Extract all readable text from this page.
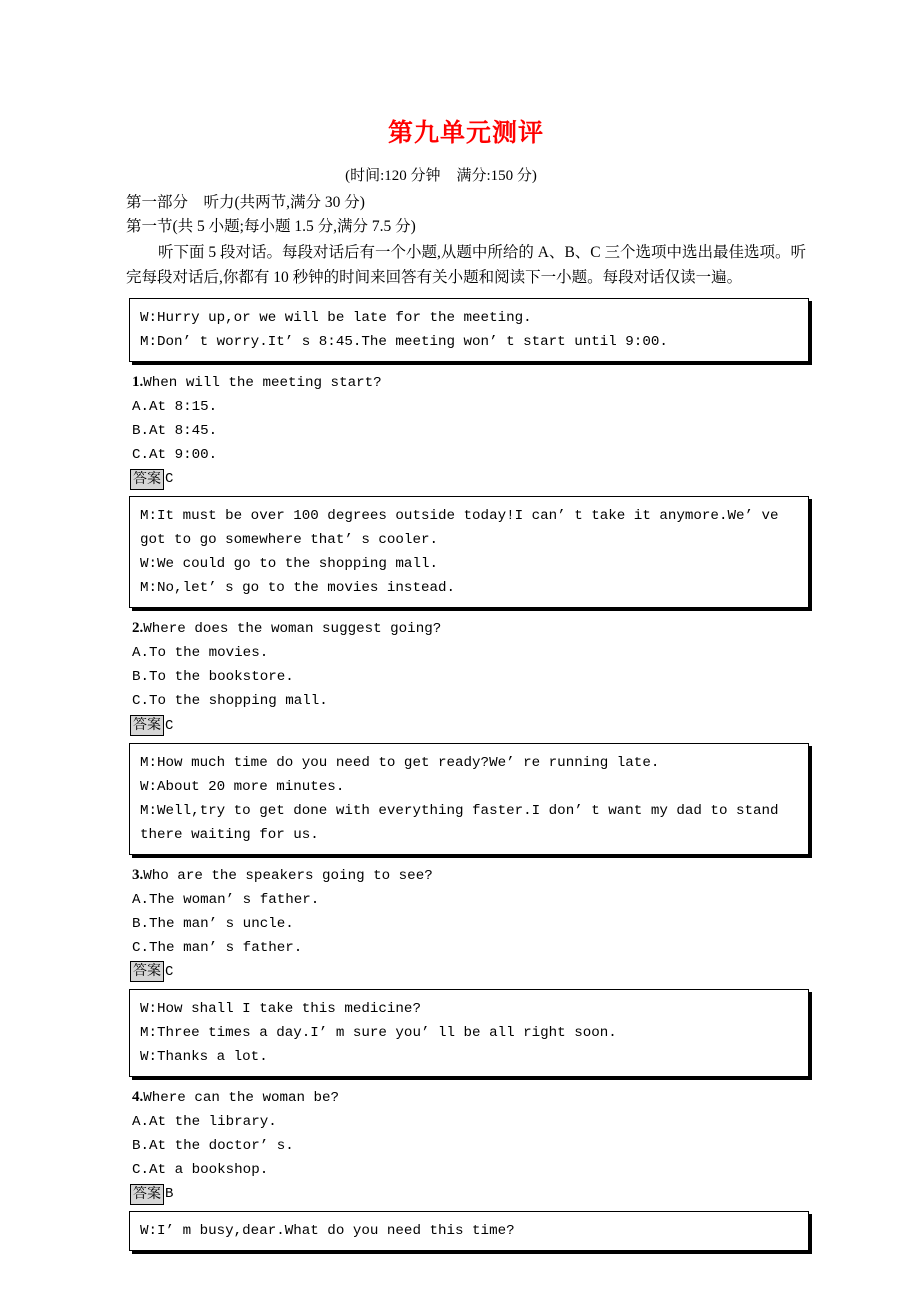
第九单元测评
(时间:120 分钟 满分:150 分)
第一部分　听力(共两节,满分 30 分)
第一节(共 5 小题;每小题 1.5 分,满分 7.5 分)

听下面 5 段对话。每段对话后有一个小题,从题中所给的 A、B、C 三个选项中选出最佳选项。听完每段对话后,你都有 10 秒钟的时间来回答有关小题和阅读下一小题。每段对话仅读一遍。

W:Hurry up,or we will be late for the meeting.
M:Don’ t worry.It’ s 8:45.The meeting won’ t start until 9:00.
1.When will the meeting start?
A.At 8:15.
B.At 8:45.
C.At 9:00.
答案 C
M:It must be over 100 degrees outside today!I can’ t take it anymore.We’ ve got to go somewhere that’ s cooler.
W:We could go to the shopping mall.
M:No,let’ s go to the movies instead.
2.Where does the woman suggest going?
A.To the movies.
B.To the bookstore.
C.To the shopping mall.
答案 C
M:How much time do you need to get ready?We’ re running late.
W:About 20 more minutes.
M:Well,try to get done with everything faster.I don’ t want my dad to stand there waiting for us.
3.Who are the speakers going to see?
A.The woman’ s father.
B.The man’ s uncle.
C.The man’ s father.
答案 C
W:How shall I take this medicine?
M:Three times a day.I’ m sure you’ ll be all right soon.
W:Thanks a lot.
4.Where can the woman be?
A.At the library.
B.At the doctor’ s.
C.At a bookshop.
答案 B
W:I’ m busy,dear.What do you need this time?
